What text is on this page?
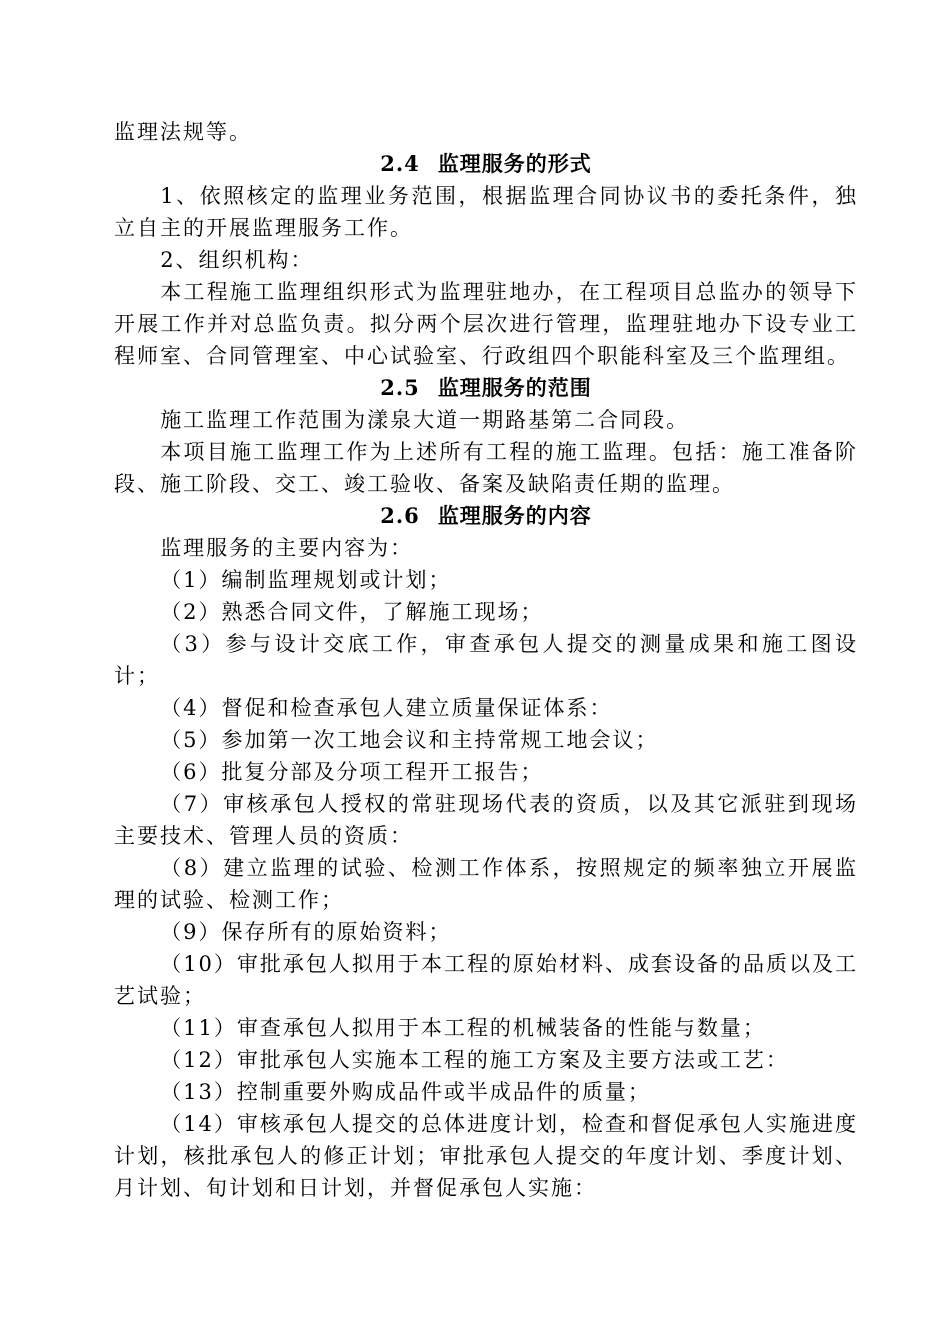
监理法规等。

2.4 监理服务的形式

1、依照核定的监理业务范围，根据监理合同协议书的委托条件，独立自主的开展监理服务工作。

2、组织机构：

本工程施工监理组织形式为监理驻地办，在工程项目总监办的领导下开展工作并对总监负责。拟分两个层次进行管理，监理驻地办下设专业工程师室、合同管理室、中心试验室、行政组四个职能科室及三个监理组。

2.5 监理服务的范围

施工监理工作范围为漾泉大道一期路基第二合同段。

本项目施工监理工作为上述所有工程的施工监理。包括：施工准备阶段、施工阶段、交工、竣工验收、备案及缺陷责任期的监理。

2.6 监理服务的内容

监理服务的主要内容为：

（1）编制监理规划或计划；

（2）熟悉合同文件，了解施工现场；

（3）参与设计交底工作，审查承包人提交的测量成果和施工图设计；

（4）督促和检查承包人建立质量保证体系：

（5）参加第一次工地会议和主持常规工地会议；

（6）批复分部及分项工程开工报告；

（7）审核承包人授权的常驻现场代表的资质，以及其它派驻到现场主要技术、管理人员的资质：

（8）建立监理的试验、检测工作体系，按照规定的频率独立开展监理的试验、检测工作；

（9）保存所有的原始资料；

（10）审批承包人拟用于本工程的原始材料、成套设备的品质以及工艺试验；

（11）审查承包人拟用于本工程的机械装备的性能与数量；

（12）审批承包人实施本工程的施工方案及主要方法或工艺：

（13）控制重要外购成品件或半成品件的质量；

（14）审核承包人提交的总体进度计划，检查和督促承包人实施进度计划，核批承包人的修正计划；审批承包人提交的年度计划、季度计划、月计划、旬计划和日计划，并督促承包人实施：
